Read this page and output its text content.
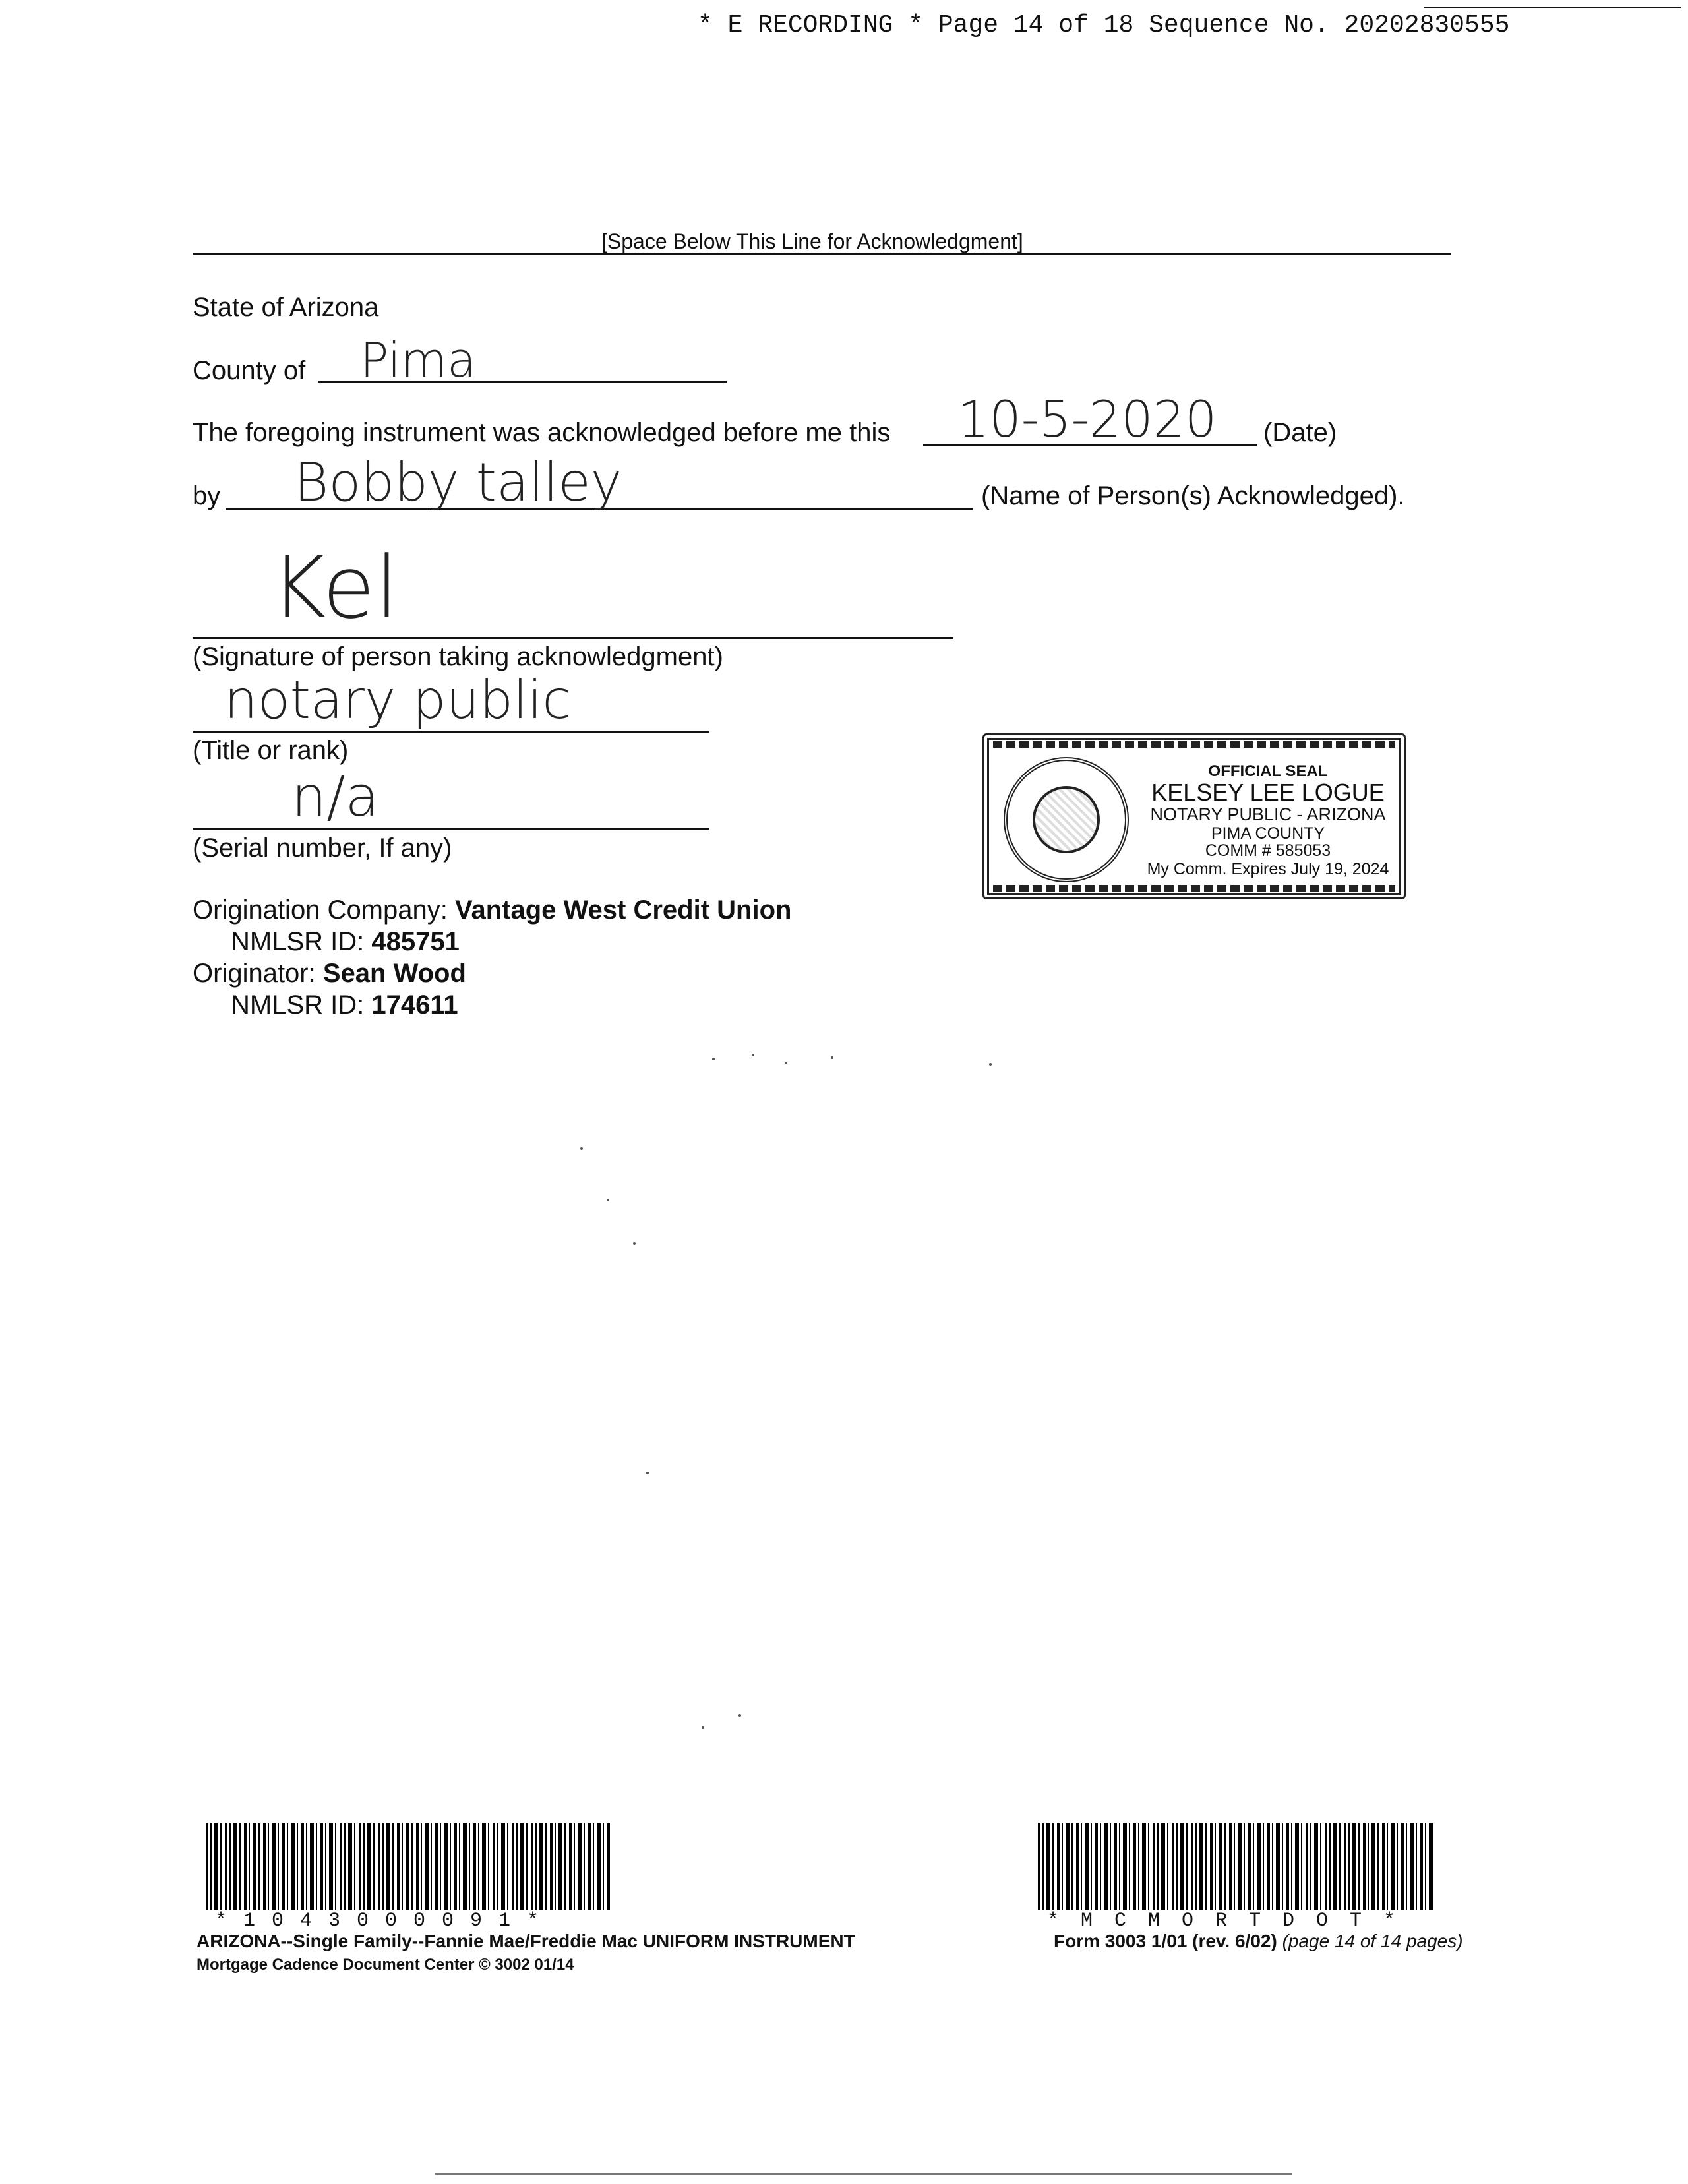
* E RECORDING * Page 14 of 18 Sequence No. 20202830555
[Space Below This Line for Acknowledgment]
State of Arizona
County of Pima
The foregoing instrument was acknowledged before me this 10-5-2020 (Date)
by Bobby talley	(Name of Person(s) Acknowledged).
Kel
(Signature of person taking acknowledgment)
notary public
(Title or rank)
n/a
(Serial number, If any)
OFFICIAL SEAL
KELSEY LEE LOGUE
NOTARY PUBLIC - ARIZONA
PIMA COUNTY
COMM # 585053
My Comm. Expires July 19, 2024
Origination Company: Vantage West Credit Union
NMLSR ID: 485751
Originator: Sean Wood
NMLSR ID: 174611
*1043000091*	*MCMORTDOT*
ARIZONA--Single Family--Fannie Mae/Freddie Mac UNIFORM INSTRUMENT
Mortgage Cadence Document Center © 3002 01/14
Form 3003 1/01 (rev. 6/02) (page 14 of 14 pages)
